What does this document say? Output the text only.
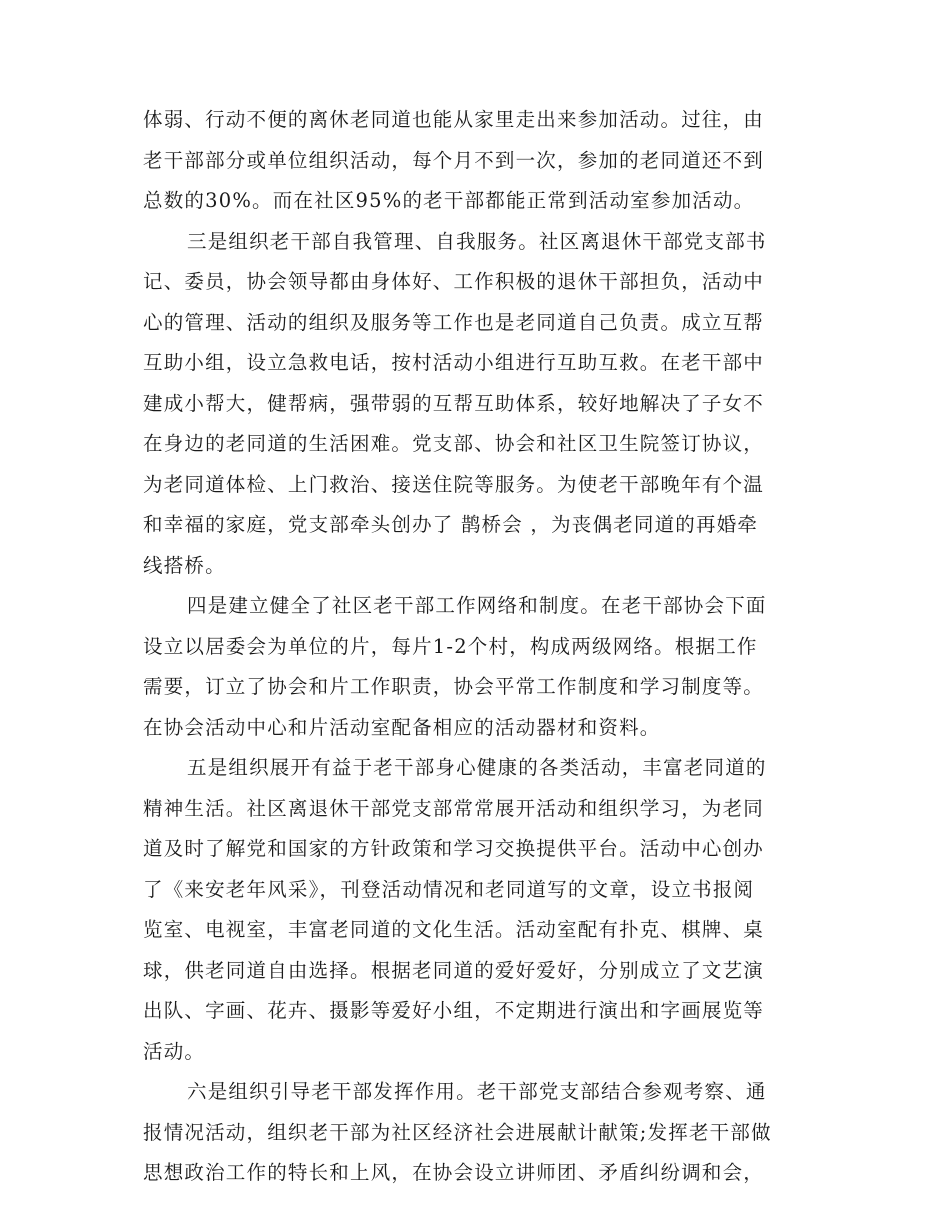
体弱、行动不便的离休老同道也能从家里走出来参加活动。过往，由
老干部部分或单位组织活动，每个月不到一次，参加的老同道还不到
总数的30%。而在社区95%的老干部都能正常到活动室参加活动。
三是组织老干部自我管理、自我服务。社区离退休干部党支部书
记、委员，协会领导都由身体好、工作积极的退休干部担负，活动中
心的管理、活动的组织及服务等工作也是老同道自己负责。成立互帮
互助小组，设立急救电话，按村活动小组进行互助互救。在老干部中
建成小帮大，健帮病，强带弱的互帮互助体系，较好地解决了子女不
在身边的老同道的生活困难。党支部、协会和社区卫生院签订协议，
为老同道体检、上门救治、接送住院等服务。为使老干部晚年有个温
和幸福的家庭，党支部牵头创办了 鹊桥会 ，为丧偶老同道的再婚牵
线搭桥。
四是建立健全了社区老干部工作网络和制度。在老干部协会下面
设立以居委会为单位的片，每片1-2个村，构成两级网络。根据工作
需要，订立了协会和片工作职责，协会平常工作制度和学习制度等。
在协会活动中心和片活动室配备相应的活动器材和资料。
五是组织展开有益于老干部身心健康的各类活动，丰富老同道的
精神生活。社区离退休干部党支部常常展开活动和组织学习，为老同
道及时了解党和国家的方针政策和学习交换提供平台。活动中心创办
了《来安老年风采》，刊登活动情况和老同道写的文章，设立书报阅
览室、电视室，丰富老同道的文化生活。活动室配有扑克、棋牌、桌
球，供老同道自由选择。根据老同道的爱好爱好，分别成立了文艺演
出队、字画、花卉、摄影等爱好小组，不定期进行演出和字画展览等
活动。
六是组织引导老干部发挥作用。老干部党支部结合参观考察、通
报情况活动，组织老干部为社区经济社会进展献计献策;发挥老干部做
思想政治工作的特长和上风，在协会设立讲师团、矛盾纠纷调和会，
